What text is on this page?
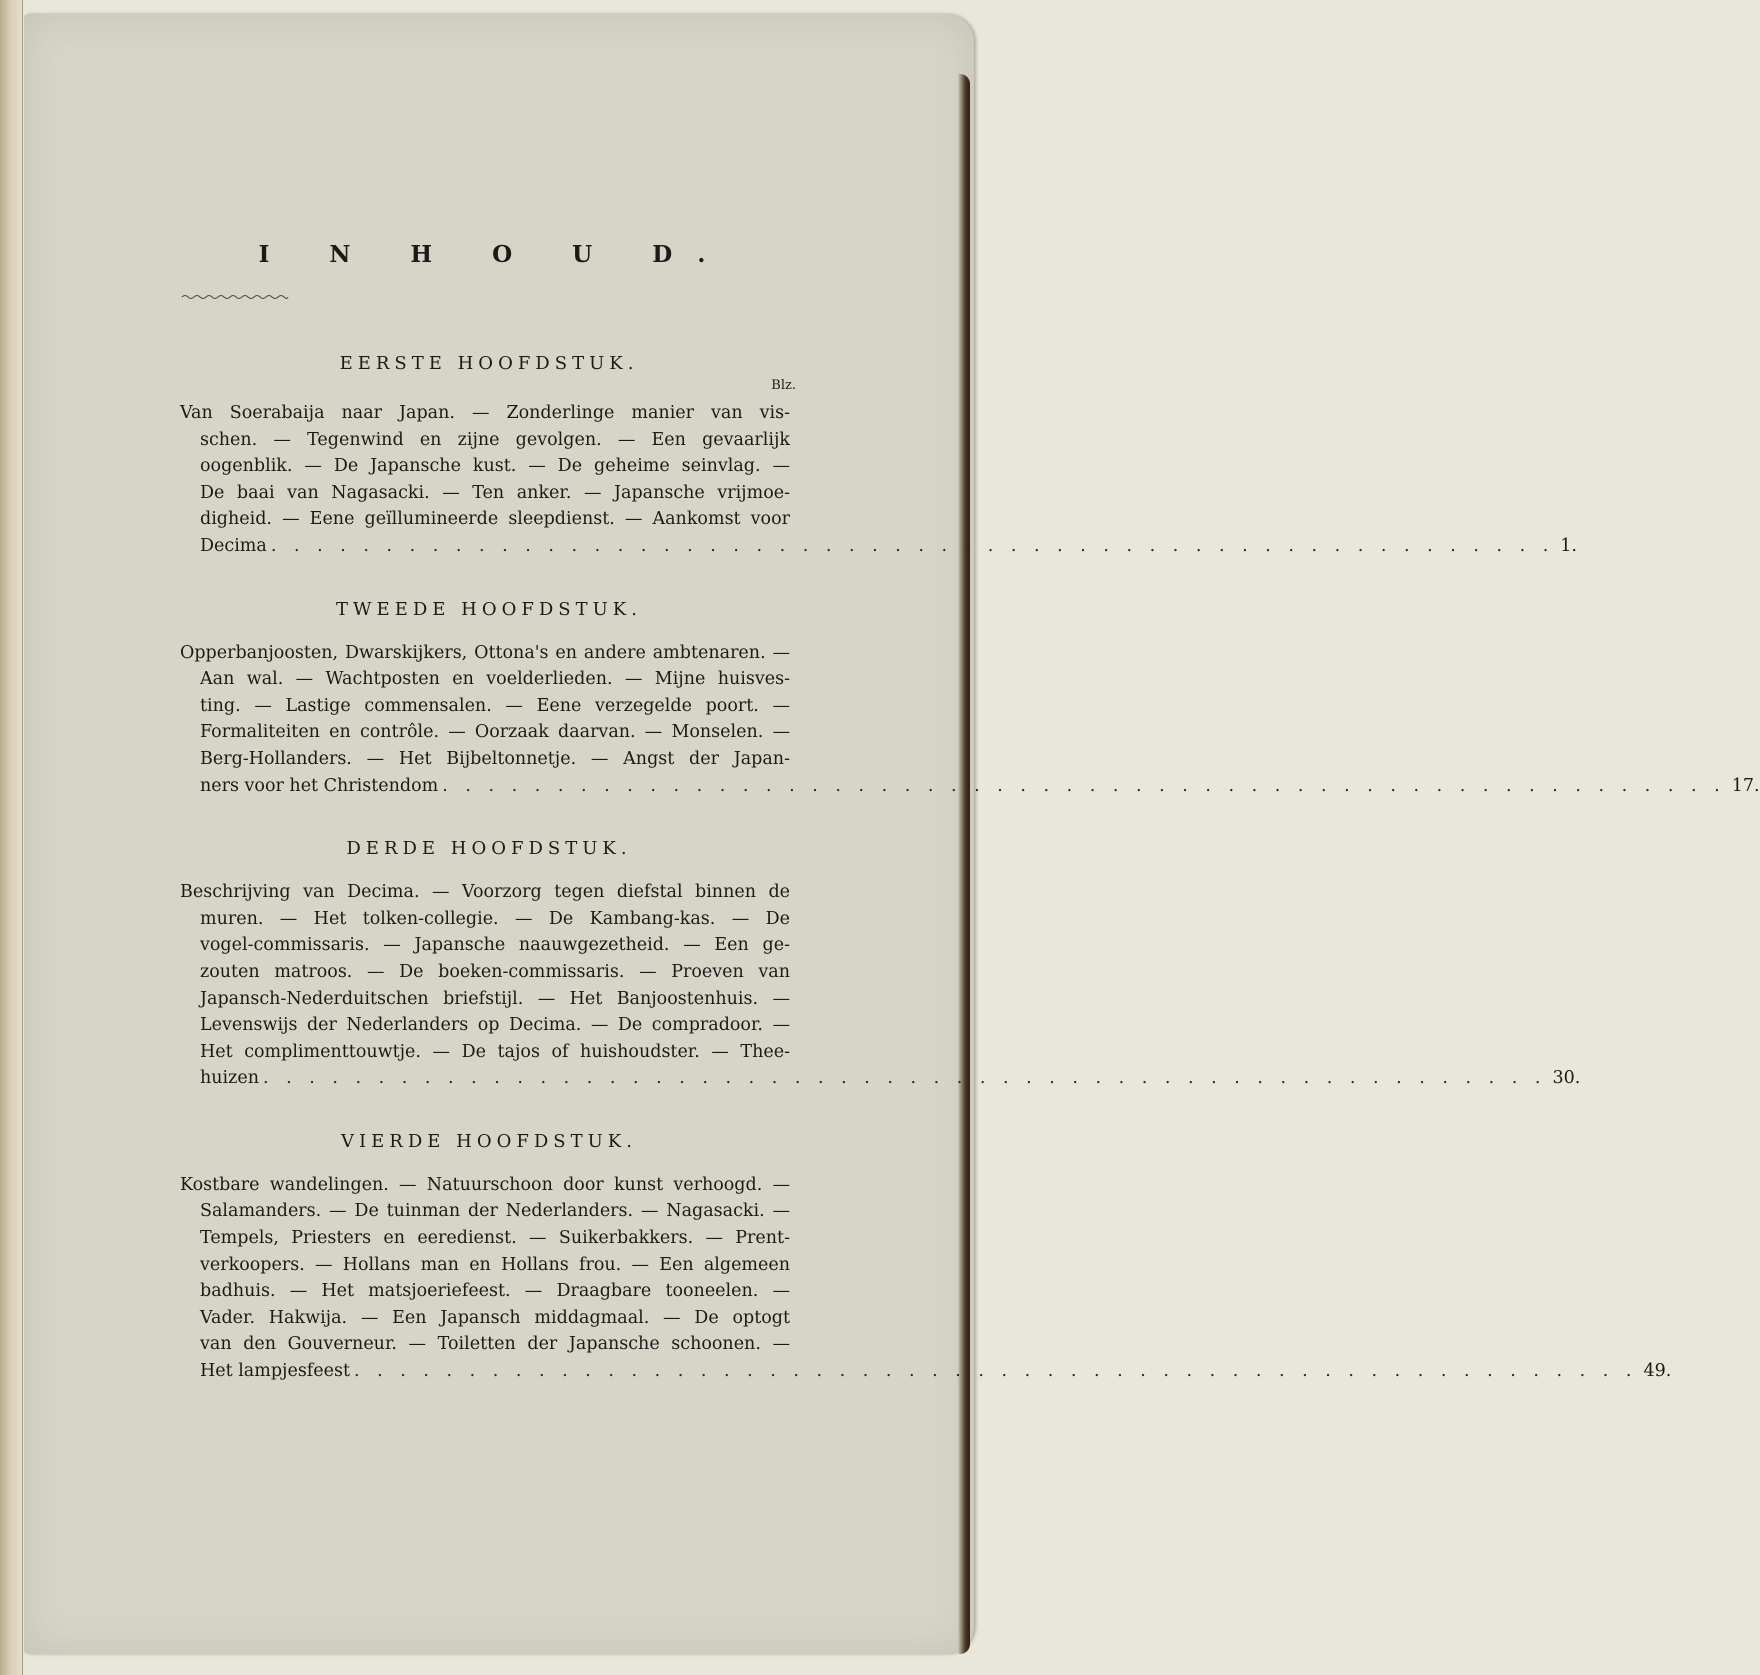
I N H O U D.
EERSTE HOOFDSTUK.
Blz.
Van Soerabaija naar Japan. — Zonderlinge manier van vis-
schen. — Tegenwind en zijne gevolgen. — Een gevaarlijk
oogenblik. — De Japansche kust. — De geheime seinvlag. —
De baai van Nagasacki. — Ten anker. — Japansche vrijmoe-
digheid. — Eene geïllumineerde sleepdienst. — Aankomst voor
Decima . . . . . . . . . . . . . . . . . . . . . . . . . . . . . . . . . . . . . . . . . . . . . . . . . . . . . . . . 1.
TWEEDE HOOFDSTUK.
Opperbanjoosten, Dwarskijkers, Ottona's en andere ambtenaren. —
Aan wal. — Wachtposten en voelderlieden. — Mijne huisves-
ting. — Lastige commensalen. — Eene verzegelde poort. —
Formaliteiten en contrôle. — Oorzaak daarvan. — Monselen. —
Berg-Hollanders. — Het Bijbeltonnetje. — Angst der Japan-
ners voor het Christendom . . . . . . . . . . . . . . . . . . . . . . . . . . . . . . . . . . . . . . . . . . . . . . . . . . . . . . . . 17.
DERDE HOOFDSTUK.
Beschrijving van Decima. — Voorzorg tegen diefstal binnen de
muren. — Het tolken-collegie. — De Kambang-kas. — De
vogel-commissaris. — Japansche naauwgezetheid. — Een ge-
zouten matroos. — De boeken-commissaris. — Proeven van
Japansch-Nederduitschen briefstijl. — Het Banjoostenhuis. —
Levenswijs der Nederlanders op Decima. — De compradoor. —
Het complimenttouwtje. — De tajos of huishoudster. — Thee-
huizen . . . . . . . . . . . . . . . . . . . . . . . . . . . . . . . . . . . . . . . . . . . . . . . . . . . . . . . . 30.
VIERDE HOOFDSTUK.
Kostbare wandelingen. — Natuurschoon door kunst verhoogd. —
Salamanders. — De tuinman der Nederlanders. — Nagasacki. —
Tempels, Priesters en eeredienst. — Suikerbakkers. — Prent-
verkoopers. — Hollans man en Hollans frou. — Een algemeen
badhuis. — Het matsjoeriefeest. — Draagbare tooneelen. —
Vader. Hakwija. — Een Japansch middagmaal. — De optogt
van den Gouverneur. — Toiletten der Japansche schoonen. —
Het lampjesfeest . . . . . . . . . . . . . . . . . . . . . . . . . . . . . . . . . . . . . . . . . . . . . . . . . . . . . . . . 49.
